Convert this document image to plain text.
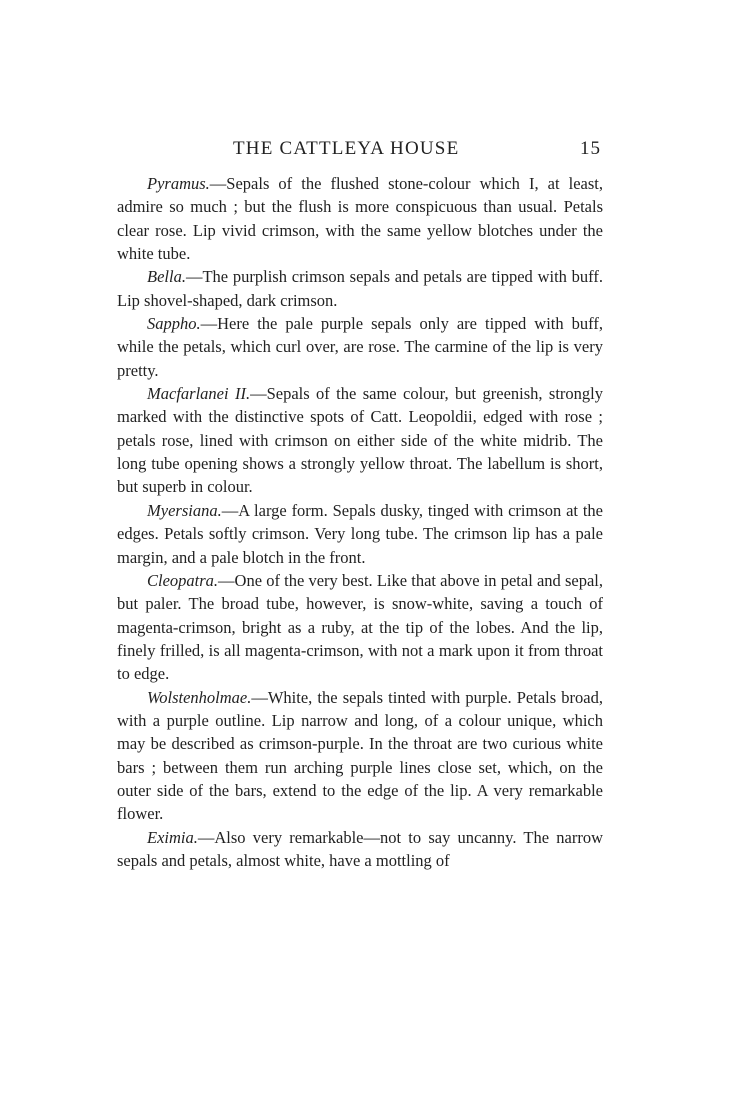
THE CATTLEYA HOUSE	15

Pyramus.—Sepals of the flushed stone-colour which I, at least, admire so much ; but the flush is more conspicuous than usual. Petals clear rose. Lip vivid crimson, with the same yellow blotches under the white tube.

Bella.—The purplish crimson sepals and petals are tipped with buff. Lip shovel-shaped, dark crimson.

Sappho.—Here the pale purple sepals only are tipped with buff, while the petals, which curl over, are rose. The carmine of the lip is very pretty.

Macfarlanei II.—Sepals of the same colour, but greenish, strongly marked with the distinctive spots of Catt. Leopoldii, edged with rose ; petals rose, lined with crimson on either side of the white midrib. The long tube opening shows a strongly yellow throat. The labellum is short, but superb in colour.

Myersiana.—A large form. Sepals dusky, tinged with crimson at the edges. Petals softly crimson. Very long tube. The crimson lip has a pale margin, and a pale blotch in the front.

Cleopatra.—One of the very best. Like that above in petal and sepal, but paler. The broad tube, however, is snow-white, saving a touch of magenta-crimson, bright as a ruby, at the tip of the lobes. And the lip, finely frilled, is all magenta-crimson, with not a mark upon it from throat to edge.

Wolstenholmae.—White, the sepals tinted with purple. Petals broad, with a purple outline. Lip narrow and long, of a colour unique, which may be described as crimson-purple. In the throat are two curious white bars ; between them run arching purple lines close set, which, on the outer side of the bars, extend to the edge of the lip. A very remarkable flower.

Eximia.—Also very remarkable—not to say uncanny. The narrow sepals and petals, almost white, have a mottling of
